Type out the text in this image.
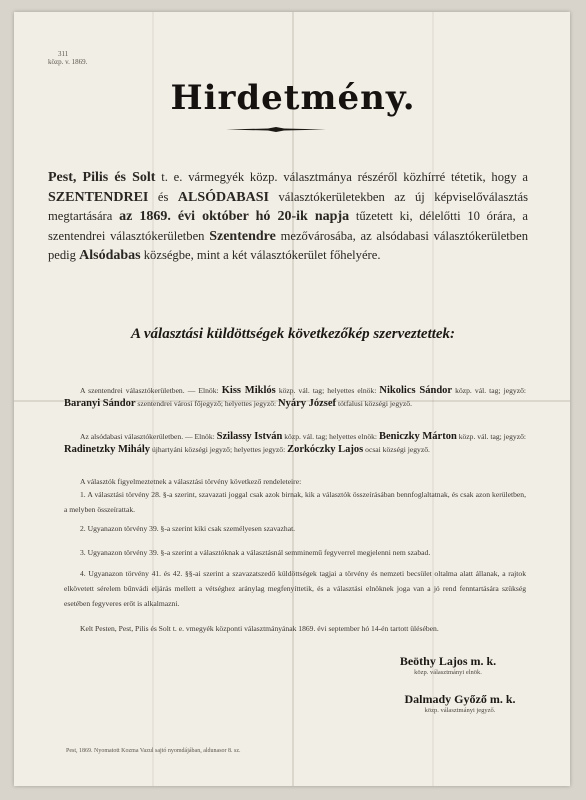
311
közp. v. 1869.
Hirdetmény.

Pest, Pilis és Solt t. e. vármegyék közp. választmánya részéről közhírré tétetik, hogy a SZENTENDREI és ALSÓDABASI választókerületekben az új képviselőválasztás megtartására az 1869. évi október hó 20-ik napja tűzetett ki, délelőtti 10 órára, a szentendrei választókerületben Szentendre mezővárosába, az alsódabasi választókerületben pedig Alsódabas községbe, mint a két választókerület főhelyére.

A választási küldöttségek következőkép szerveztettek:

A szentendrei választókerületben. — Elnök: Kiss Miklós közp. vál. tag; helyettes elnök: Nikolics Sándor közp. vál. tag; jegyző: Baranyi Sándor szentendrei városi főjegyző; helyettes jegyző: Nyáry József tótfalusi községi jegyző.

Az alsódabasi választókerületben. — Elnök: Szilassy István közp. vál. tag; helyettes elnök: Beniczky Márton közp. vál. tag; jegyző: Radinetzky Mihály újhartyáni községi jegyző; helyettes jegyző: Zorkóczky Lajos ocsai községi jegyző.

A választók figyelmeztetnek a választási törvény következő rendeleteire:

1. A választási törvény 28. §-a szerint, szavazati joggal csak azok birnak, kik a választók összeírásában bennfoglaltatnak, és csak azon kerületben, a melyben összeírattak.

2. Ugyanazon törvény 39. §-a szerint kiki csak személyesen szavazhat.

3. Ugyanazon törvény 39. §-a szerint a választóknak a választásnál semminemű fegyverrel megjelenni nem szabad.

4. Ugyanazon törvény 41. és 42. §§-ai szerint a szavazatszedő küldöttségek tagjai a törvény és nemzeti becsület oltalma alatt állanak, a rajtok elkövetett sérelem bűnvádi eljárás mellett a vétséghez aránylag megfenyíttetik, és a választási elnöknek joga van a jó rend fenntartására szükség esetében fegyveres erőt is alkalmazni.

Kelt Pesten, Pest, Pilis és Solt t. e. vmegyék központi választmányának 1869. évi september hó 14-én tartott ülésében.

Beöthy Lajos m. k.
közp. választmányi elnök.
Dalmady Győző m. k.
közp. választmányi jegyző.

Pest, 1869. Nyomatott Kozma Vazul sajtó nyomdájában, aldunasor 8. sz.
